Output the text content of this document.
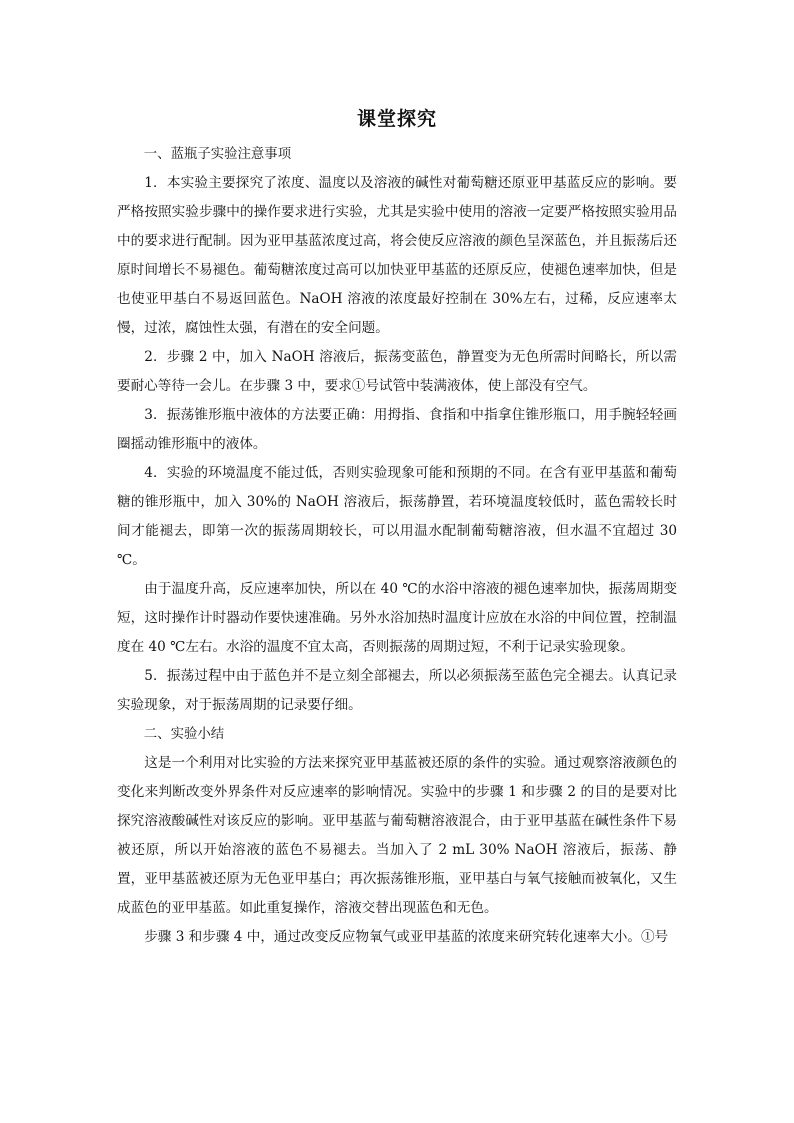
课堂探究

一、蓝瓶子实验注意事项

1．本实验主要探究了浓度、温度以及溶液的碱性对葡萄糖还原亚甲基蓝反应的影响。要严格按照实验步骤中的操作要求进行实验，尤其是实验中使用的溶液一定要严格按照实验用品中的要求进行配制。因为亚甲基蓝浓度过高，将会使反应溶液的颜色呈深蓝色，并且振荡后还原时间增长不易褪色。葡萄糖浓度过高可以加快亚甲基蓝的还原反应，使褪色速率加快，但是也使亚甲基白不易返回蓝色。NaOH 溶液的浓度最好控制在 30%左右，过稀，反应速率太慢，过浓，腐蚀性太强，有潜在的安全问题。

2．步骤 2 中，加入 NaOH 溶液后，振荡变蓝色，静置变为无色所需时间略长，所以需要耐心等待一会儿。在步骤 3 中，要求①号试管中装满液体，使上部没有空气。

3．振荡锥形瓶中液体的方法要正确：用拇指、食指和中指拿住锥形瓶口，用手腕轻轻画圈摇动锥形瓶中的液体。

4．实验的环境温度不能过低，否则实验现象可能和预期的不同。在含有亚甲基蓝和葡萄糖的锥形瓶中，加入 30%的 NaOH 溶液后，振荡静置，若环境温度较低时，蓝色需较长时间才能褪去，即第一次的振荡周期较长，可以用温水配制葡萄糖溶液，但水温不宜超过 30 ℃。

由于温度升高，反应速率加快，所以在 40 ℃的水浴中溶液的褪色速率加快，振荡周期变短，这时操作计时器动作要快速准确。另外水浴加热时温度计应放在水浴的中间位置，控制温度在 40 ℃左右。水浴的温度不宜太高，否则振荡的周期过短，不利于记录实验现象。

5．振荡过程中由于蓝色并不是立刻全部褪去，所以必须振荡至蓝色完全褪去。认真记录实验现象，对于振荡周期的记录要仔细。

二、实验小结

这是一个利用对比实验的方法来探究亚甲基蓝被还原的条件的实验。通过观察溶液颜色的变化来判断改变外界条件对反应速率的影响情况。实验中的步骤 1 和步骤 2 的目的是要对比探究溶液酸碱性对该反应的影响。亚甲基蓝与葡萄糖溶液混合，由于亚甲基蓝在碱性条件下易被还原，所以开始溶液的蓝色不易褪去。当加入了 2 mL 30% NaOH 溶液后，振荡、静置，亚甲基蓝被还原为无色亚甲基白；再次振荡锥形瓶，亚甲基白与氧气接触而被氧化，又生成蓝色的亚甲基蓝。如此重复操作，溶液交替出现蓝色和无色。

步骤 3 和步骤 4 中，通过改变反应物氧气或亚甲基蓝的浓度来研究转化速率大小。①号
